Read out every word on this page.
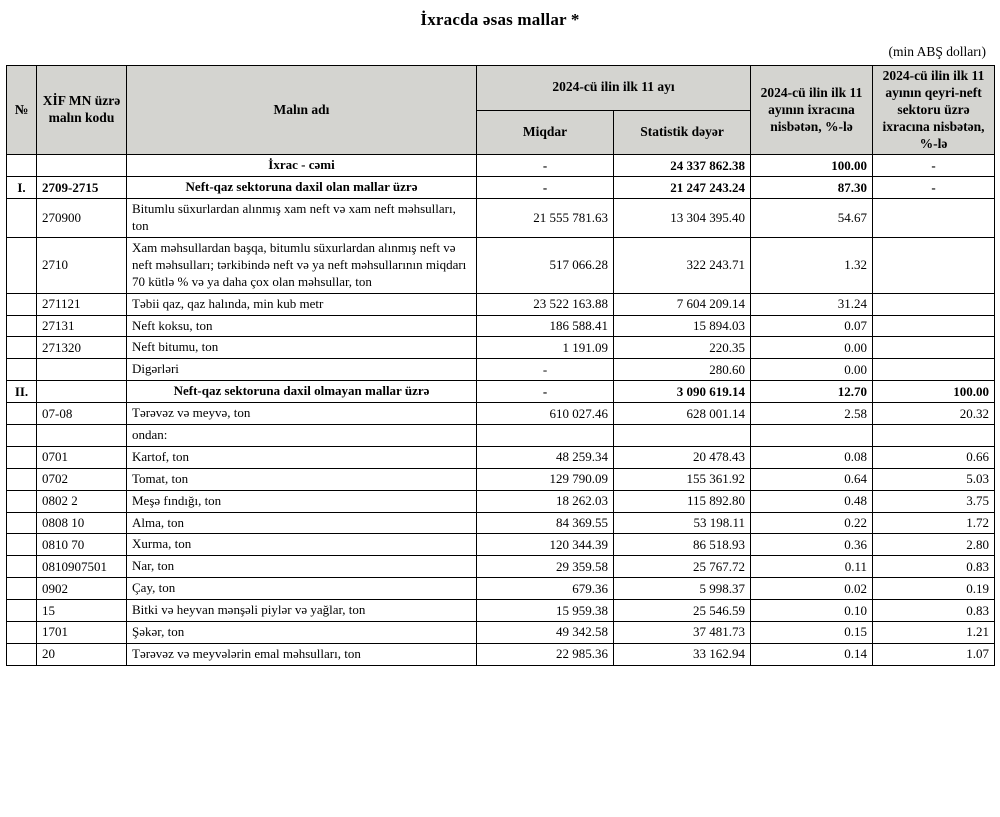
İxracda əsas mallar *
(min ABŞ dolları)
№	XİF MN üzrə malın kodu	Malın adı	2024-cü ilin ilk 11 ayı		2024-cü ilin ilk 11 ayının ixracına nisbətən, %-lə	2024-cü ilin ilk 11 ayının qeyri-neft sektoru üzrə ixracına nisbətən, %-lə
			Miqdar	Statistik dəyər		
		İxrac - cəmi	-	24 337 862.38	100.00	-
I.	2709-2715	Neft-qaz sektoruna daxil olan mallar üzrə	-	21 247 243.24	87.30	-
	270900	Bitumlu süxurlardan alınmış xam neft və xam neft məhsulları, ton	21 555 781.63	13 304 395.40	54.67	
	2710	Xam məhsullardan başqa, bitumlu süxurlardan alınmış neft və neft məhsulları; tərkibində neft və ya neft məhsullarının miqdarı 70 kütlə % və ya daha çox olan məhsullar, ton	517 066.28	322 243.71	1.32	
	271121	Təbii qaz, qaz halında, min kub metr	23 522 163.88	7 604 209.14	31.24	
	27131	Neft koksu, ton	186 588.41	15 894.03	0.07	
	271320	Neft bitumu, ton	1 191.09	220.35	0.00	
		Digərləri	-	280.60	0.00	
II.		Neft-qaz sektoruna daxil olmayan mallar üzrə	-	3 090 619.14	12.70	100.00
	07-08	Tərəvəz və meyvə, ton	610 027.46	628 001.14	2.58	20.32
		ondan:				
	0701	Kartof, ton	48 259.34	20 478.43	0.08	0.66
	0702	Tomat, ton	129 790.09	155 361.92	0.64	5.03
	0802 2	Meşə fındığı, ton	18 262.03	115 892.80	0.48	3.75
	0808 10	Alma, ton	84 369.55	53 198.11	0.22	1.72
	0810 70	Xurma, ton	120 344.39	86 518.93	0.36	2.80
	0810907501	Nar, ton	29 359.58	25 767.72	0.11	0.83
	0902	Çay, ton	679.36	5 998.37	0.02	0.19
	15	Bitki və heyvan mənşəli piylər və yağlar, ton	15 959.38	25 546.59	0.10	0.83
	1701	Şəkər, ton	49 342.58	37 481.73	0.15	1.21
	20	Tərəvəz və meyvələrin emal məhsulları, ton	22 985.36	33 162.94	0.14	1.07
